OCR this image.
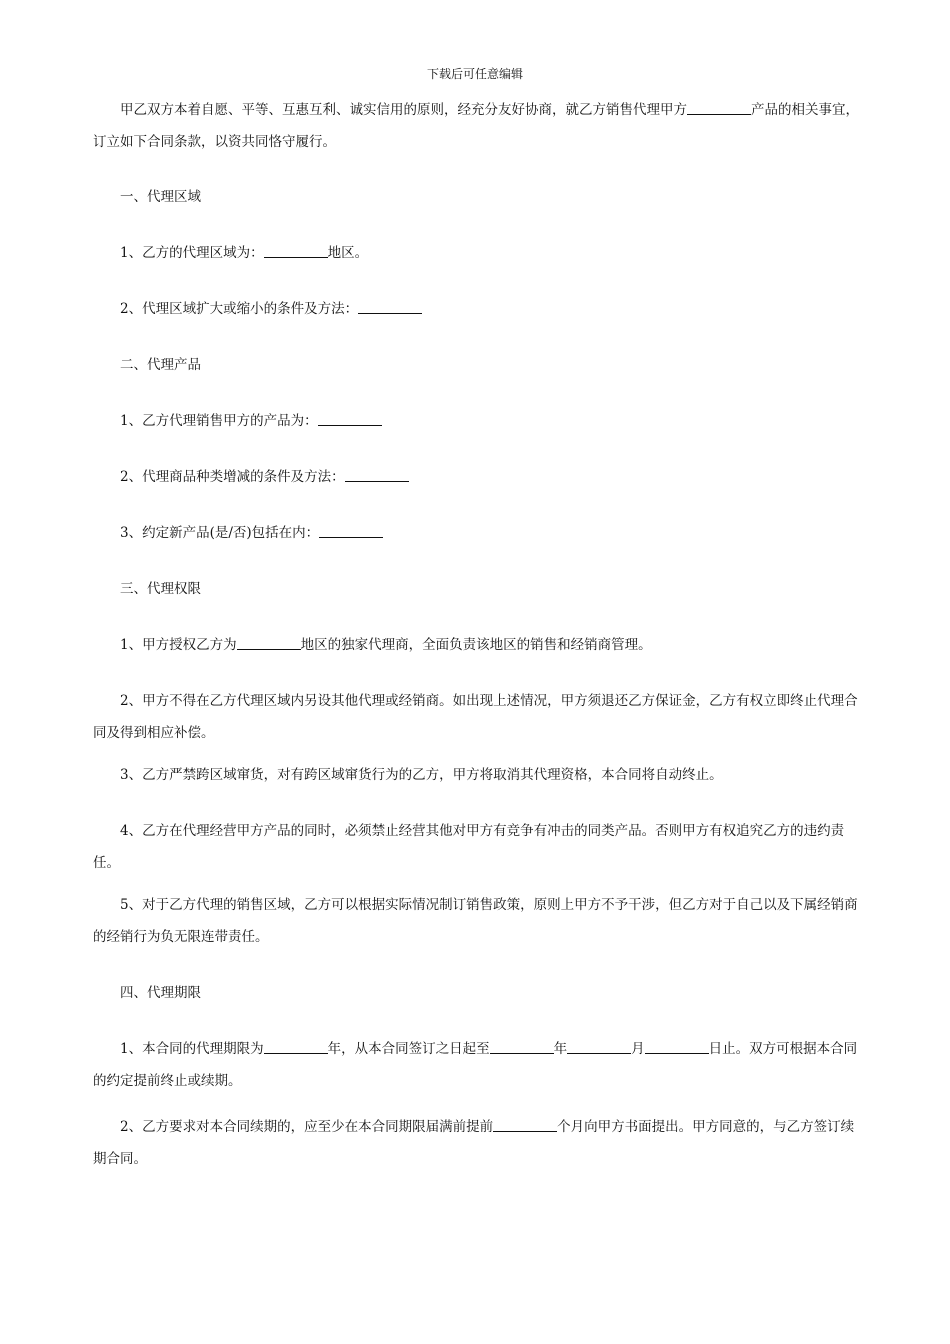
下载后可任意编辑

甲乙双方本着自愿、平等、互惠互利、诚实信用的原则，经充分友好协商，就乙方销售代理甲方	产品的相关事宜，订立如下合同条款，以资共同恪守履行。

一、代理区域

1、乙方的代理区域为：	地区。

2、代理区域扩大或缩小的条件及方法：

二、代理产品

1、乙方代理销售甲方的产品为：

2、代理商品种类增减的条件及方法：

3、约定新产品(是/否)包括在内：

三、代理权限

1、甲方授权乙方为	地区的独家代理商，全面负责该地区的销售和经销商管理。

2、甲方不得在乙方代理区域内另设其他代理或经销商。如出现上述情况，甲方须退还乙方保证金，乙方有权立即终止代理合同及得到相应补偿。

3、乙方严禁跨区域窜货，对有跨区域窜货行为的乙方，甲方将取消其代理资格，本合同将自动终止。

4、乙方在代理经营甲方产品的同时，必须禁止经营其他对甲方有竞争有冲击的同类产品。否则甲方有权追究乙方的违约责任。

5、对于乙方代理的销售区域，乙方可以根据实际情况制订销售政策，原则上甲方不予干涉，但乙方对于自己以及下属经销商的经销行为负无限连带责任。

四、代理期限

1、本合同的代理期限为	年，从本合同签订之日起至	年	月	日止。双方可根据本合同的约定提前终止或续期。

2、乙方要求对本合同续期的，应至少在本合同期限届满前提前	个月向甲方书面提出。甲方同意的，与乙方签订续期合同。
